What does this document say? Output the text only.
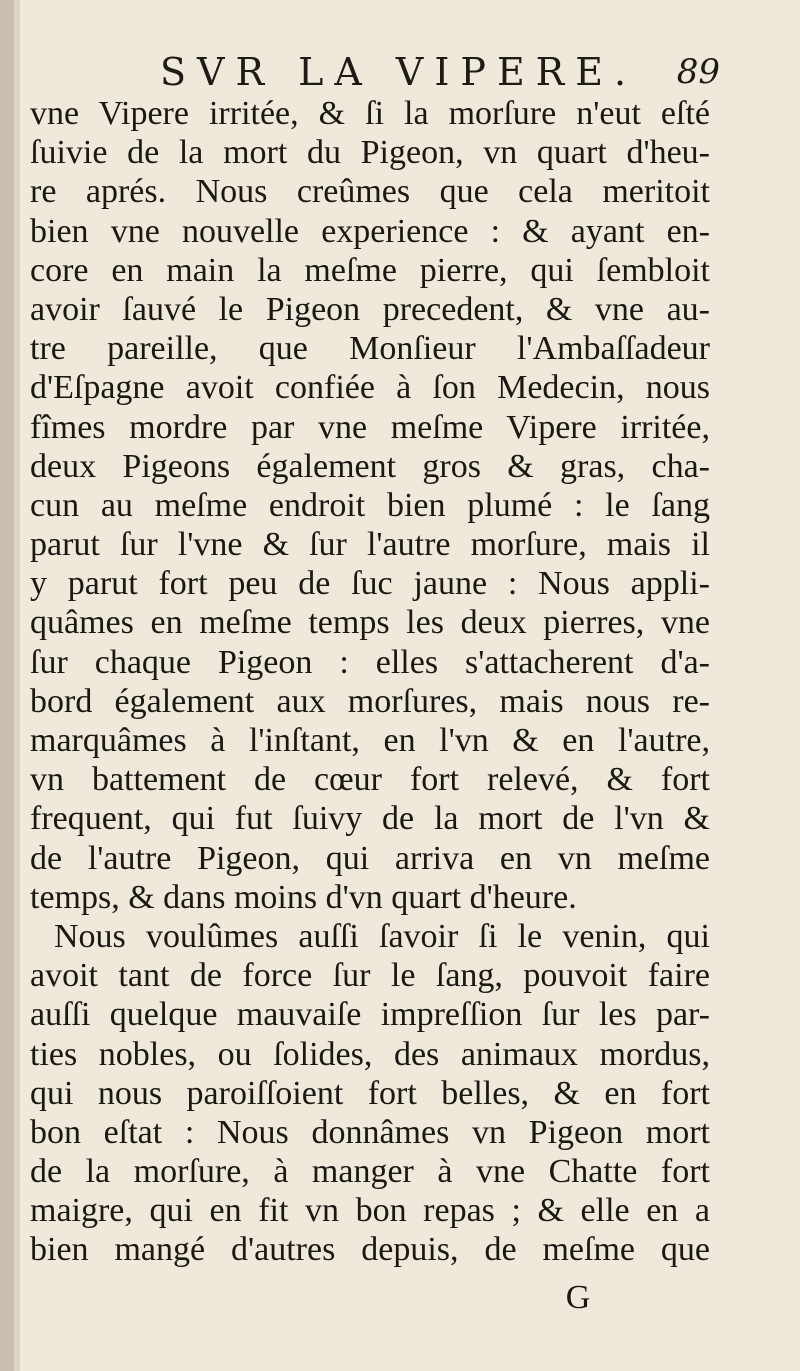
SVR LA VIPERE.	89
vne Vipere irritée, & ſi la morſure n'eut eſté
ſuivie de la mort du Pigeon, vn quart d'heu-
re aprés. Nous creûmes que cela meritoit
bien vne nouvelle experience : & ayant en-
core en main la meſme pierre, qui ſembloit
avoir ſauvé le Pigeon precedent, & vne au-
tre pareille, que Monſieur l'Ambaſſadeur
d'Eſpagne avoit confiée à ſon Medecin, nous
fîmes mordre par vne meſme Vipere irritée,
deux Pigeons également gros & gras, cha-
cun au meſme endroit bien plumé : le ſang
parut ſur l'vne & ſur l'autre morſure, mais il
y parut fort peu de ſuc jaune : Nous appli-
quâmes en meſme temps les deux pierres, vne
ſur chaque Pigeon : elles s'attacherent d'a-
bord également aux morſures, mais nous re-
marquâmes à l'inſtant, en l'vn & en l'autre,
vn battement de cœur fort relevé, & fort
frequent, qui fut ſuivy de la mort de l'vn &
de l'autre Pigeon, qui arriva en vn meſme
temps, & dans moins d'vn quart d'heure.
Nous voulûmes auſſi ſavoir ſi le venin, qui
avoit tant de force ſur le ſang, pouvoit faire
auſſi quelque mauvaiſe impreſſion ſur les par-
ties nobles, ou ſolides, des animaux mordus,
qui nous paroiſſoient fort belles, & en fort
bon eſtat : Nous donnâmes vn Pigeon mort
de la morſure, à manger à vne Chatte fort
maigre, qui en fit vn bon repas ; & elle en a
bien mangé d'autres depuis, de meſme que
G
